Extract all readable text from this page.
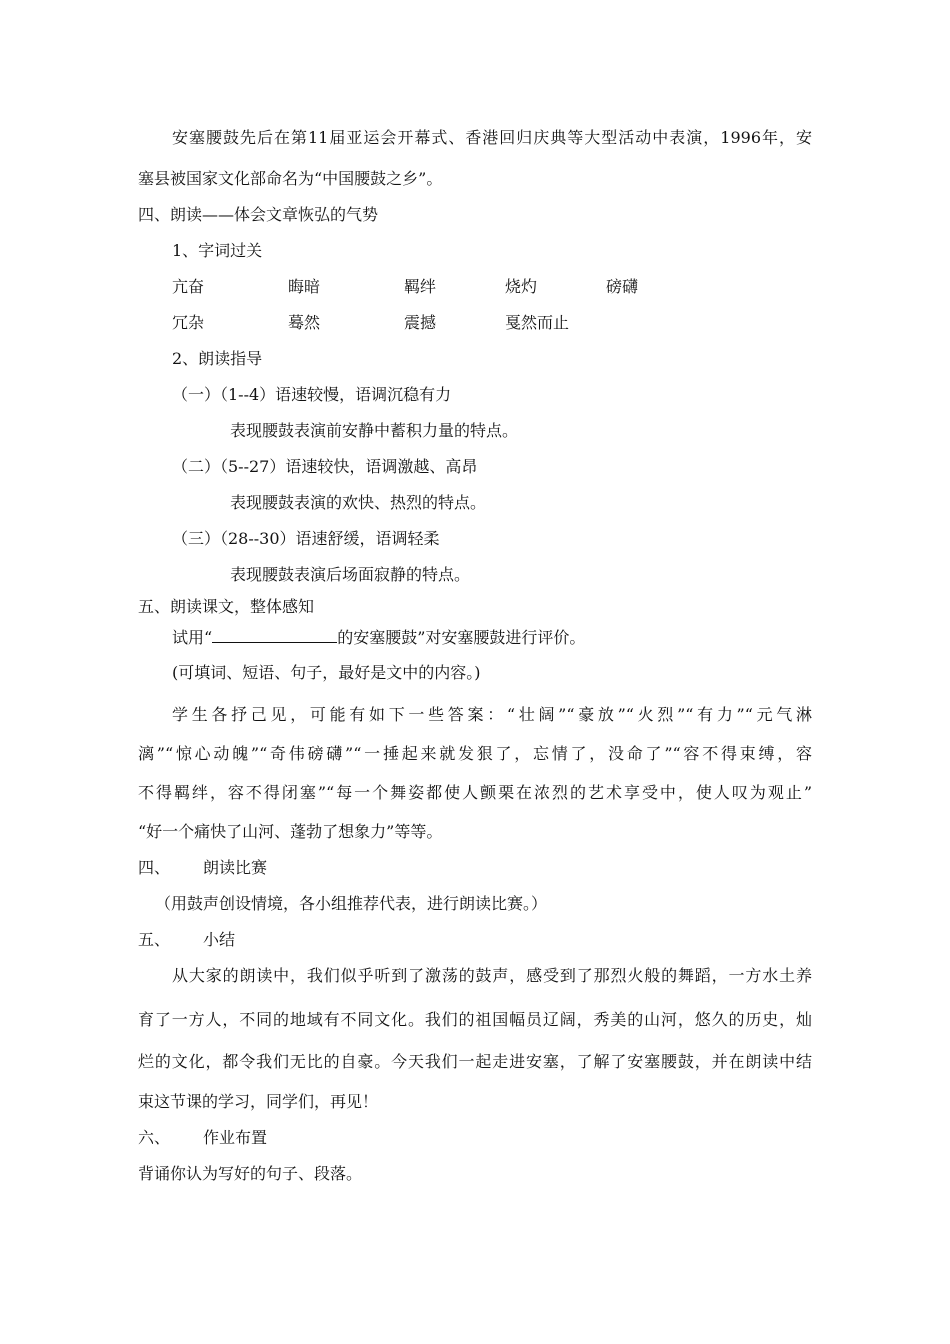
安塞腰鼓先后在第11届亚运会开幕式、香港回归庆典等大型活动中表演，1996年，安
塞县被国家文化部命名为“中国腰鼓之乡”。
四、朗读——体会文章恢弘的气势
1、字词过关
亢奋	晦暗	羁绊	烧灼	磅礴
冗杂	蓦然	震撼	戛然而止
2、朗读指导
（一）（1--4）语速较慢，语调沉稳有力
表现腰鼓表演前安静中蓄积力量的特点。
（二）（5--27）语速较快，语调激越、高昂
表现腰鼓表演的欢快、热烈的特点。
（三）（28--30）语速舒缓，语调轻柔
表现腰鼓表演后场面寂静的特点。
五、朗读课文，整体感知
试用“	的安塞腰鼓”对安塞腰鼓进行评价。
(可填词、短语、句子，最好是文中的内容。)
学生各抒己见，可能有如下一些答案：“壮阔”“豪放”“火烈”“有力”“元气淋
漓”“惊心动魄”“奇伟磅礴”“一捶起来就发狠了，忘情了，没命了”“容不得束缚，容
不得羁绊，容不得闭塞”“每一个舞姿都使人颤栗在浓烈的艺术享受中，使人叹为观止”
“好一个痛快了山河、蓬勃了想象力”等等。
四、 朗读比赛
（用鼓声创设情境，各小组推荐代表，进行朗读比赛。）
五、 小结
从大家的朗读中，我们似乎听到了激荡的鼓声，感受到了那烈火般的舞蹈，一方水土养
育了一方人，不同的地域有不同文化。我们的祖国幅员辽阔，秀美的山河，悠久的历史，灿
烂的文化，都令我们无比的自豪。今天我们一起走进安塞，了解了安塞腰鼓，并在朗读中结
束这节课的学习，同学们，再见！
六、 作业布置
背诵你认为写好的句子、段落。
